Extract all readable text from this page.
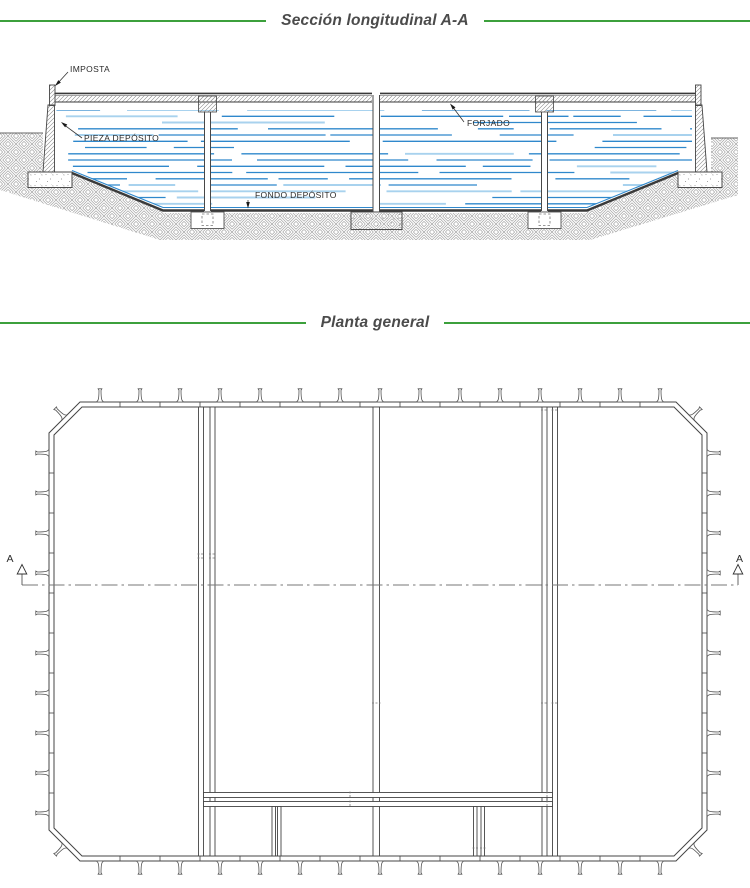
Sección longitudinal A-A
IMPOSTA
PIEZA DEPÓSITO
FONDO DEPÓSITO
FORJADO
Planta general
A	A
